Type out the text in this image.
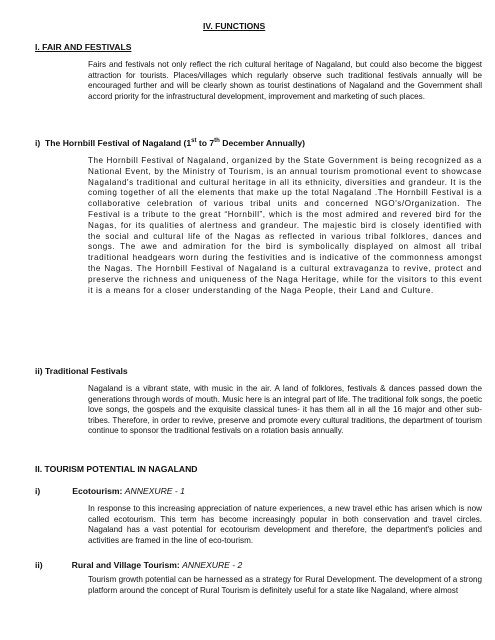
IV. FUNCTIONS
I. FAIR AND FESTIVALS

Fairs and festivals not only reflect the rich cultural heritage of Nagaland, but could also become the biggest attraction for tourists. Places/villages which regularly observe such traditional festivals annually will be encouraged further and will be clearly shown as tourist destinations of Nagaland and the Government shall accord priority for the infrastructural development, improvement and marketing of such places.

i) The Hornbill Festival of Nagaland (1st to 7th December Annually)

The Hornbill Festival of Nagaland, organized by the State Government is being recognized as a National Event, by the Ministry of Tourism, is an annual tourism promotional event to showcase Nagaland's traditional and cultural heritage in all its ethnicity, diversities and grandeur. It is the coming together of all the elements that make up the total Nagaland .The Hornbill Festival is a collaborative celebration of various tribal units and concerned NGO's/Organization. The Festival is a tribute to the great “Hornbill”, which is the most admired and revered bird for the Nagas, for its qualities of alertness and grandeur. The majestic bird is closely identified with the social and cultural life of the Nagas as reflected in various tribal folklores, dances and songs. The awe and admiration for the bird is symbolically displayed on almost all tribal traditional headgears worn during the festivities and is indicative of the commonness amongst the Nagas. The Hornbill Festival of Nagaland is a cultural extravaganza to revive, protect and preserve the richness and uniqueness of the Naga Heritage, while for the visitors to this event it is a means for a closer understanding of the Naga People, their Land and Culture.

ii) Traditional Festivals

Nagaland is a vibrant state, with music in the air. A land of folklores, festivals & dances passed down the generations through words of mouth. Music here is an integral part of life. The traditional folk songs, the poetic love songs, the gospels and the exquisite classical tunes- it has them all in all the 16 major and other sub-tribes. Therefore, in order to revive, preserve and promote every cultural traditions, the department of tourism continue to sponsor the traditional festivals on a rotation basis annually.

II. TOURISM POTENTIAL IN NAGALAND
i)	Ecotourism: ANNEXURE - 1

In response to this increasing appreciation of nature experiences, a new travel ethic has arisen which is now called ecotourism. This term has become increasingly popular in both conservation and travel circles. Nagaland has a vast potential for ecotourism development and therefore, the department's policies and activities are framed in the line of eco-tourism.

ii)	Rural and Village Tourism: ANNEXURE - 2

Tourism growth potential can be harnessed as a strategy for Rural Development. The development of a strong platform around the concept of Rural Tourism is definitely useful for a state like Nagaland, where almost
